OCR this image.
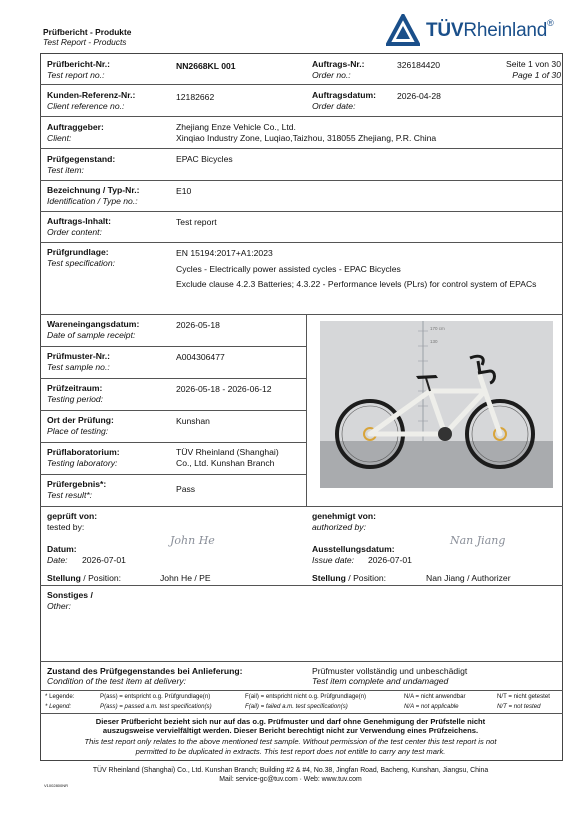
Prüfbericht - Produkte
Test Report - Products
TÜVRheinland®
Prüfbericht-Nr.:
Test report no.:
NN2668KL 001	Auftrags-Nr.:
Order no.:
326184420	Seite 1 von 30
Page 1 of 30
Kunden-Referenz-Nr.:
Client reference no.:
12182662	Auftragsdatum:
Order date:
2026-04-28
Auftraggeber:
Client:
Zhejiang Enze Vehicle Co., Ltd.
Xinqiao Industry Zone, Luqiao,Taizhou, 318055 Zhejiang, P.R. China
Prüfgegenstand:
Test item:
EPAC Bicycles
Bezeichnung / Typ-Nr.:
Identification / Type no.:
E10
Auftrags-Inhalt:
Order content:
Test report
Prüfgrundlage:
Test specification:
EN 15194:2017+A1:2023
Cycles - Electrically power assisted cycles - EPAC Bicycles
Exclude clause 4.2.3 Batteries; 4.3.22 - Performance levels (PLrs) for control system of EPACs
Wareneingangsdatum:
Date of sample receipt:
2026-05-18
Prüfmuster-Nr.:
Test sample no.:
A004306477
Prüfzeitraum:
Testing period:
2026-05-18 - 2026-06-12
Ort der Prüfung:
Place of testing:
Kunshan
Prüflaboratorium:
Testing laboratory:
TÜV Rheinland (Shanghai)
Co., Ltd. Kunshan Branch
Prüfergebnis*:
Test result*:
Pass
170 cm
130
geprüft von:
tested by:
genehmigt von:
authorized by:
John He	Nan Jiang
Datum:
Date: 2026-07-01
Ausstellungsdatum:
Issue date: 2026-07-01
Stellung / Position:	John He / PE	Stellung / Position:	Nan Jiang / Authorizer
Sonstiges /
Other:
Zustand des Prüfgegenstandes bei Anlieferung:
Condition of the test item at delivery:
Prüfmuster vollständig und unbeschädigt
Test item complete and undamaged
* Legende:	P(ass) = entspricht o.g. Prüfgrundlage(n)	F(ail) = entspricht nicht o.g. Prüfgrundlage(n)	N/A = nicht anwendbar	N/T = nicht getestet
* Legend:	P(ass) = passed a.m. test specification(s)	F(ail) = failed a.m. test specification(s)	N/A = not applicable	N/T = not tested
Dieser Prüfbericht bezieht sich nur auf das o.g. Prüfmuster und darf ohne Genehmigung der Prüfstelle nicht
auszugsweise vervielfältigt werden. Dieser Bericht berechtigt nicht zur Verwendung eines Prüfzeichens.
This test report only relates to the above mentioned test sample. Without permission of the test center this test report is not
permitted to be duplicated in extracts. This test report does not entitle to carry any test mark.
TÜV Rheinland (Shanghai) Co., Ltd. Kunshan Branch; Building #2 & #4, No.38, Jingfan Road, Bacheng, Kunshan, Jiangsu, China
Mail: service-gc@tuv.com · Web: www.tuv.com
V1002800NR
